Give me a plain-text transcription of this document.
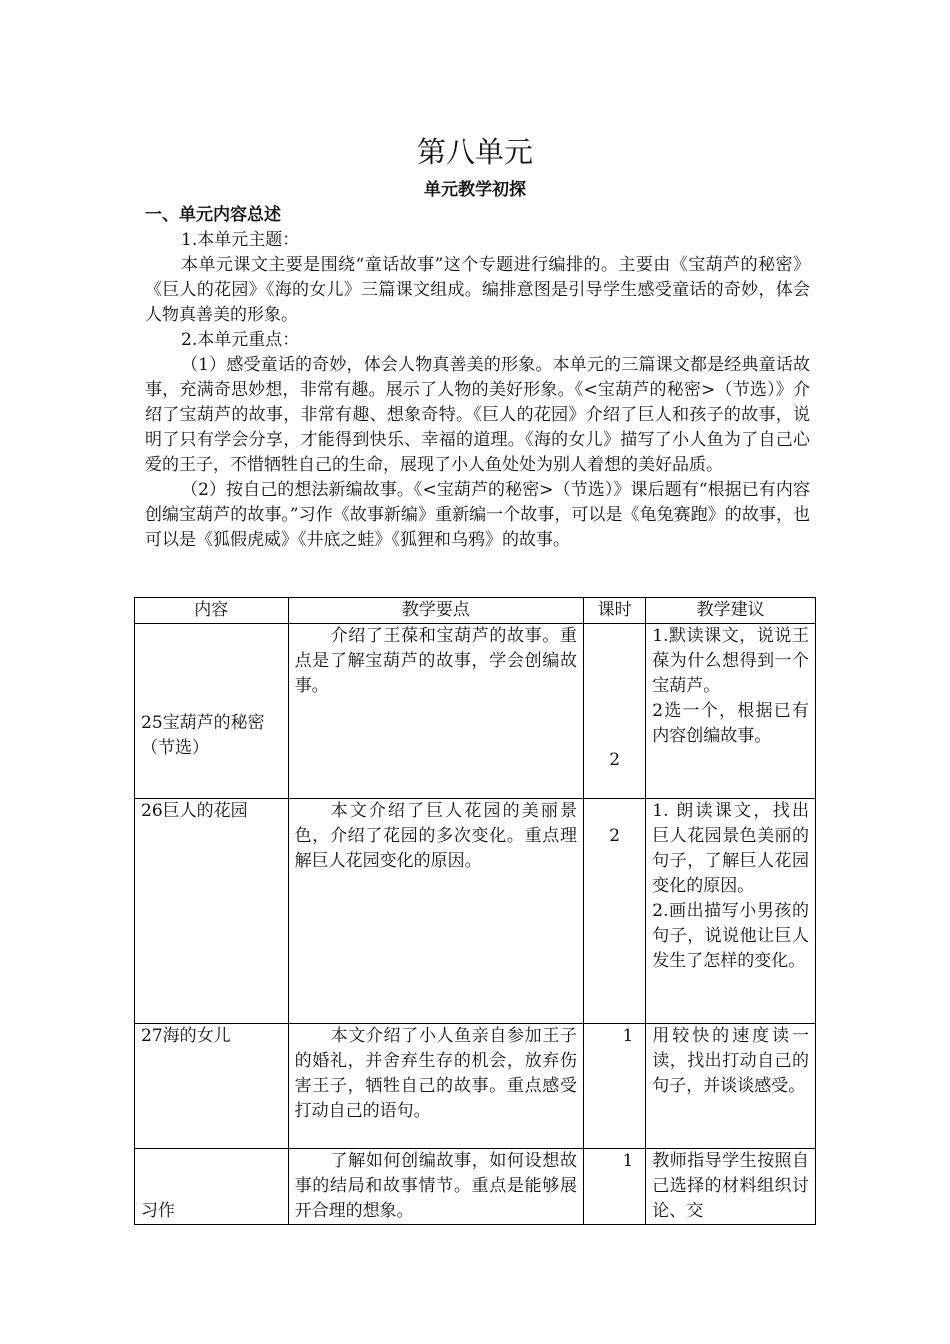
第八单元
单元教学初探
一、单元内容总述
1.本单元主题：
本单元课文主要是围绕“童话故事”这个专题进行编排的。主要由《宝葫芦的秘密》《巨人的花园》《海的女儿》三篇课文组成。编排意图是引导学生感受童话的奇妙，体会人物真善美的形象。
2.本单元重点：
（1）感受童话的奇妙，体会人物真善美的形象。本单元的三篇课文都是经典童话故事，充满奇思妙想，非常有趣。展示了人物的美好形象。《<宝葫芦的秘密>（节选）》介绍了宝葫芦的故事，非常有趣、想象奇特。《巨人的花园》介绍了巨人和孩子的故事，说明了只有学会分享，才能得到快乐、幸福的道理。《海的女儿》描写了小人鱼为了自己心爱的王子，不惜牺牲自己的生命，展现了小人鱼处处为别人着想的美好品质。
（2）按自己的想法新编故事。《<宝葫芦的秘密>（节选）》课后题有“根据已有内容创编宝葫芦的故事。”习作《故事新编》重新编一个故事，可以是《龟兔赛跑》的故事，也可以是《狐假虎威》《井底之蛙》《狐狸和乌鸦》的故事。
内容	教学要点	课时	教学建议
25宝葫芦的秘密（节选）	介绍了王葆和宝葫芦的故事。重点是了解宝葫芦的故事，学会创编故事。	2	1.默读课文，说说王葆为什么想得到一个宝葫芦。
2选一个，根据已有内容创编故事。

26巨人的花园	本文介绍了巨人花园的美丽景色，介绍了花园的多次变化。重点理解巨人花园变化的原因。	2	1. 朗读课文，找出巨人花园景色美丽的句子，了解巨人花园变化的原因。
2.画出描写小男孩的句子，说说他让巨人发生了怎样的变化。

27海的女儿	本文介绍了小人鱼亲自参加王子的婚礼，并舍弃生存的机会，放弃伤害王子，牺牲自己的故事。重点感受打动自己的语句。	1	用较快的速度读一读，找出打动自己的句子，并谈谈感受。
习作	了解如何创编故事，如何设想故事的结局和故事情节。重点是能够展开合理的想象。	1	教师指导学生按照自己选择的材料组织讨论、交
